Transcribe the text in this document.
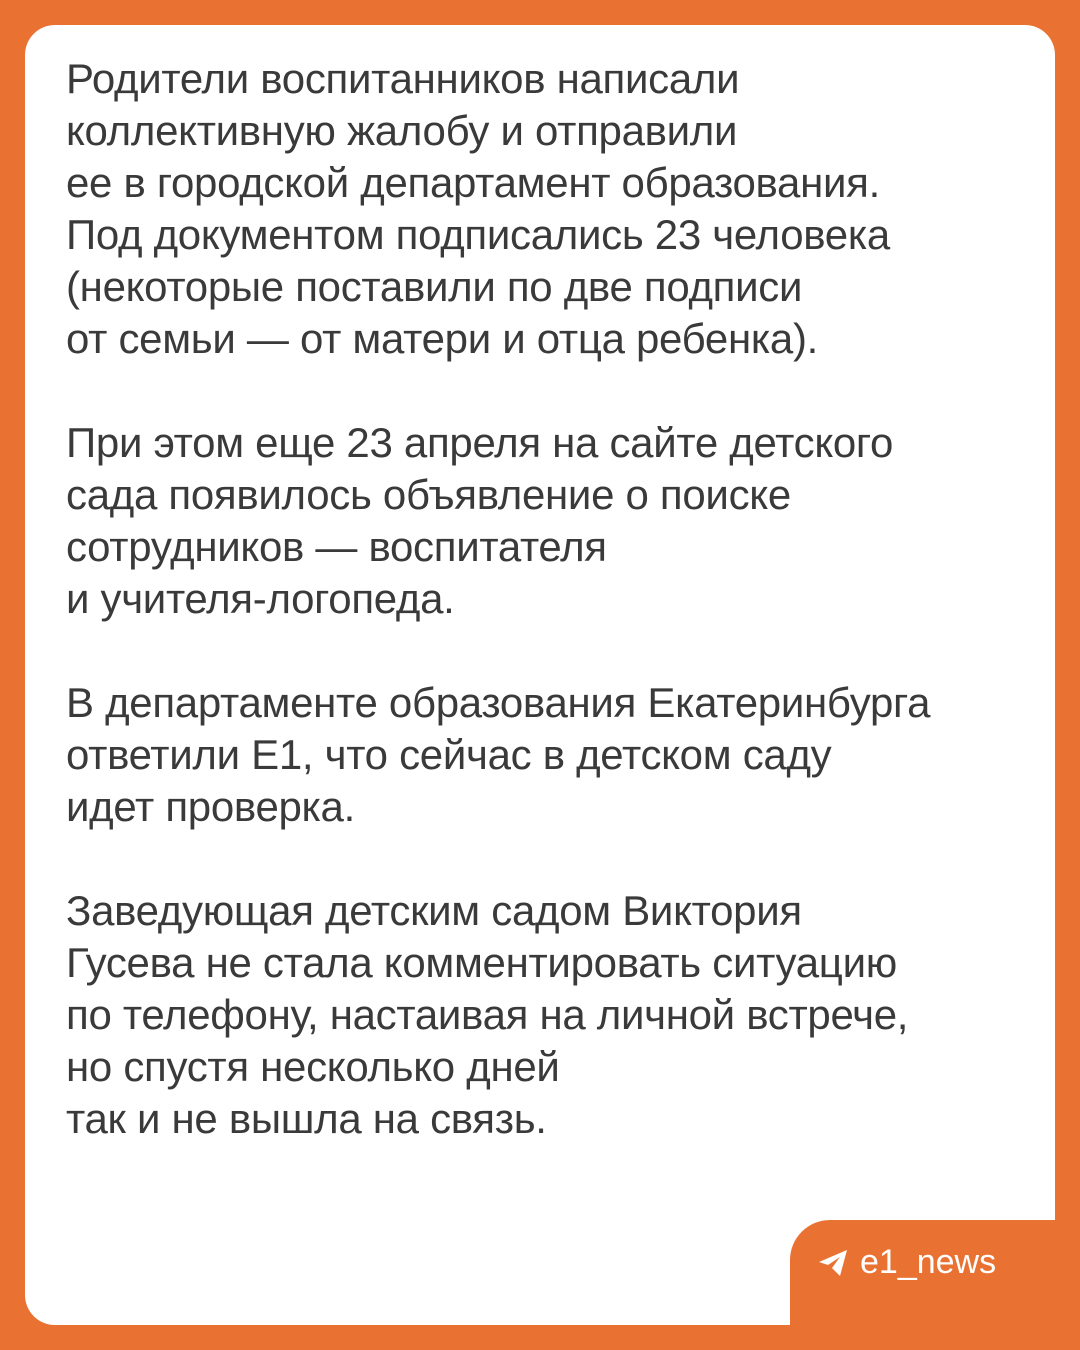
Родители воспитанников написали
коллективную жалобу и отправили
ее в городской департамент образования.
Под документом подписались 23 человека
(некоторые поставили по две подписи
от семьи — от матери и отца ребенка).

При этом еще 23 апреля на сайте детского
сада появилось объявление о поиске
сотрудников — воспитателя
и учителя-логопеда.

В департаменте образования Екатеринбурга
ответили Е1, что сейчас в детском саду
идет проверка.

Заведующая детским садом Виктория
Гусева не стала комментировать ситуацию
по телефону, настаивая на личной встрече,
но спустя несколько дней
так и не вышла на связь.

e1_news
